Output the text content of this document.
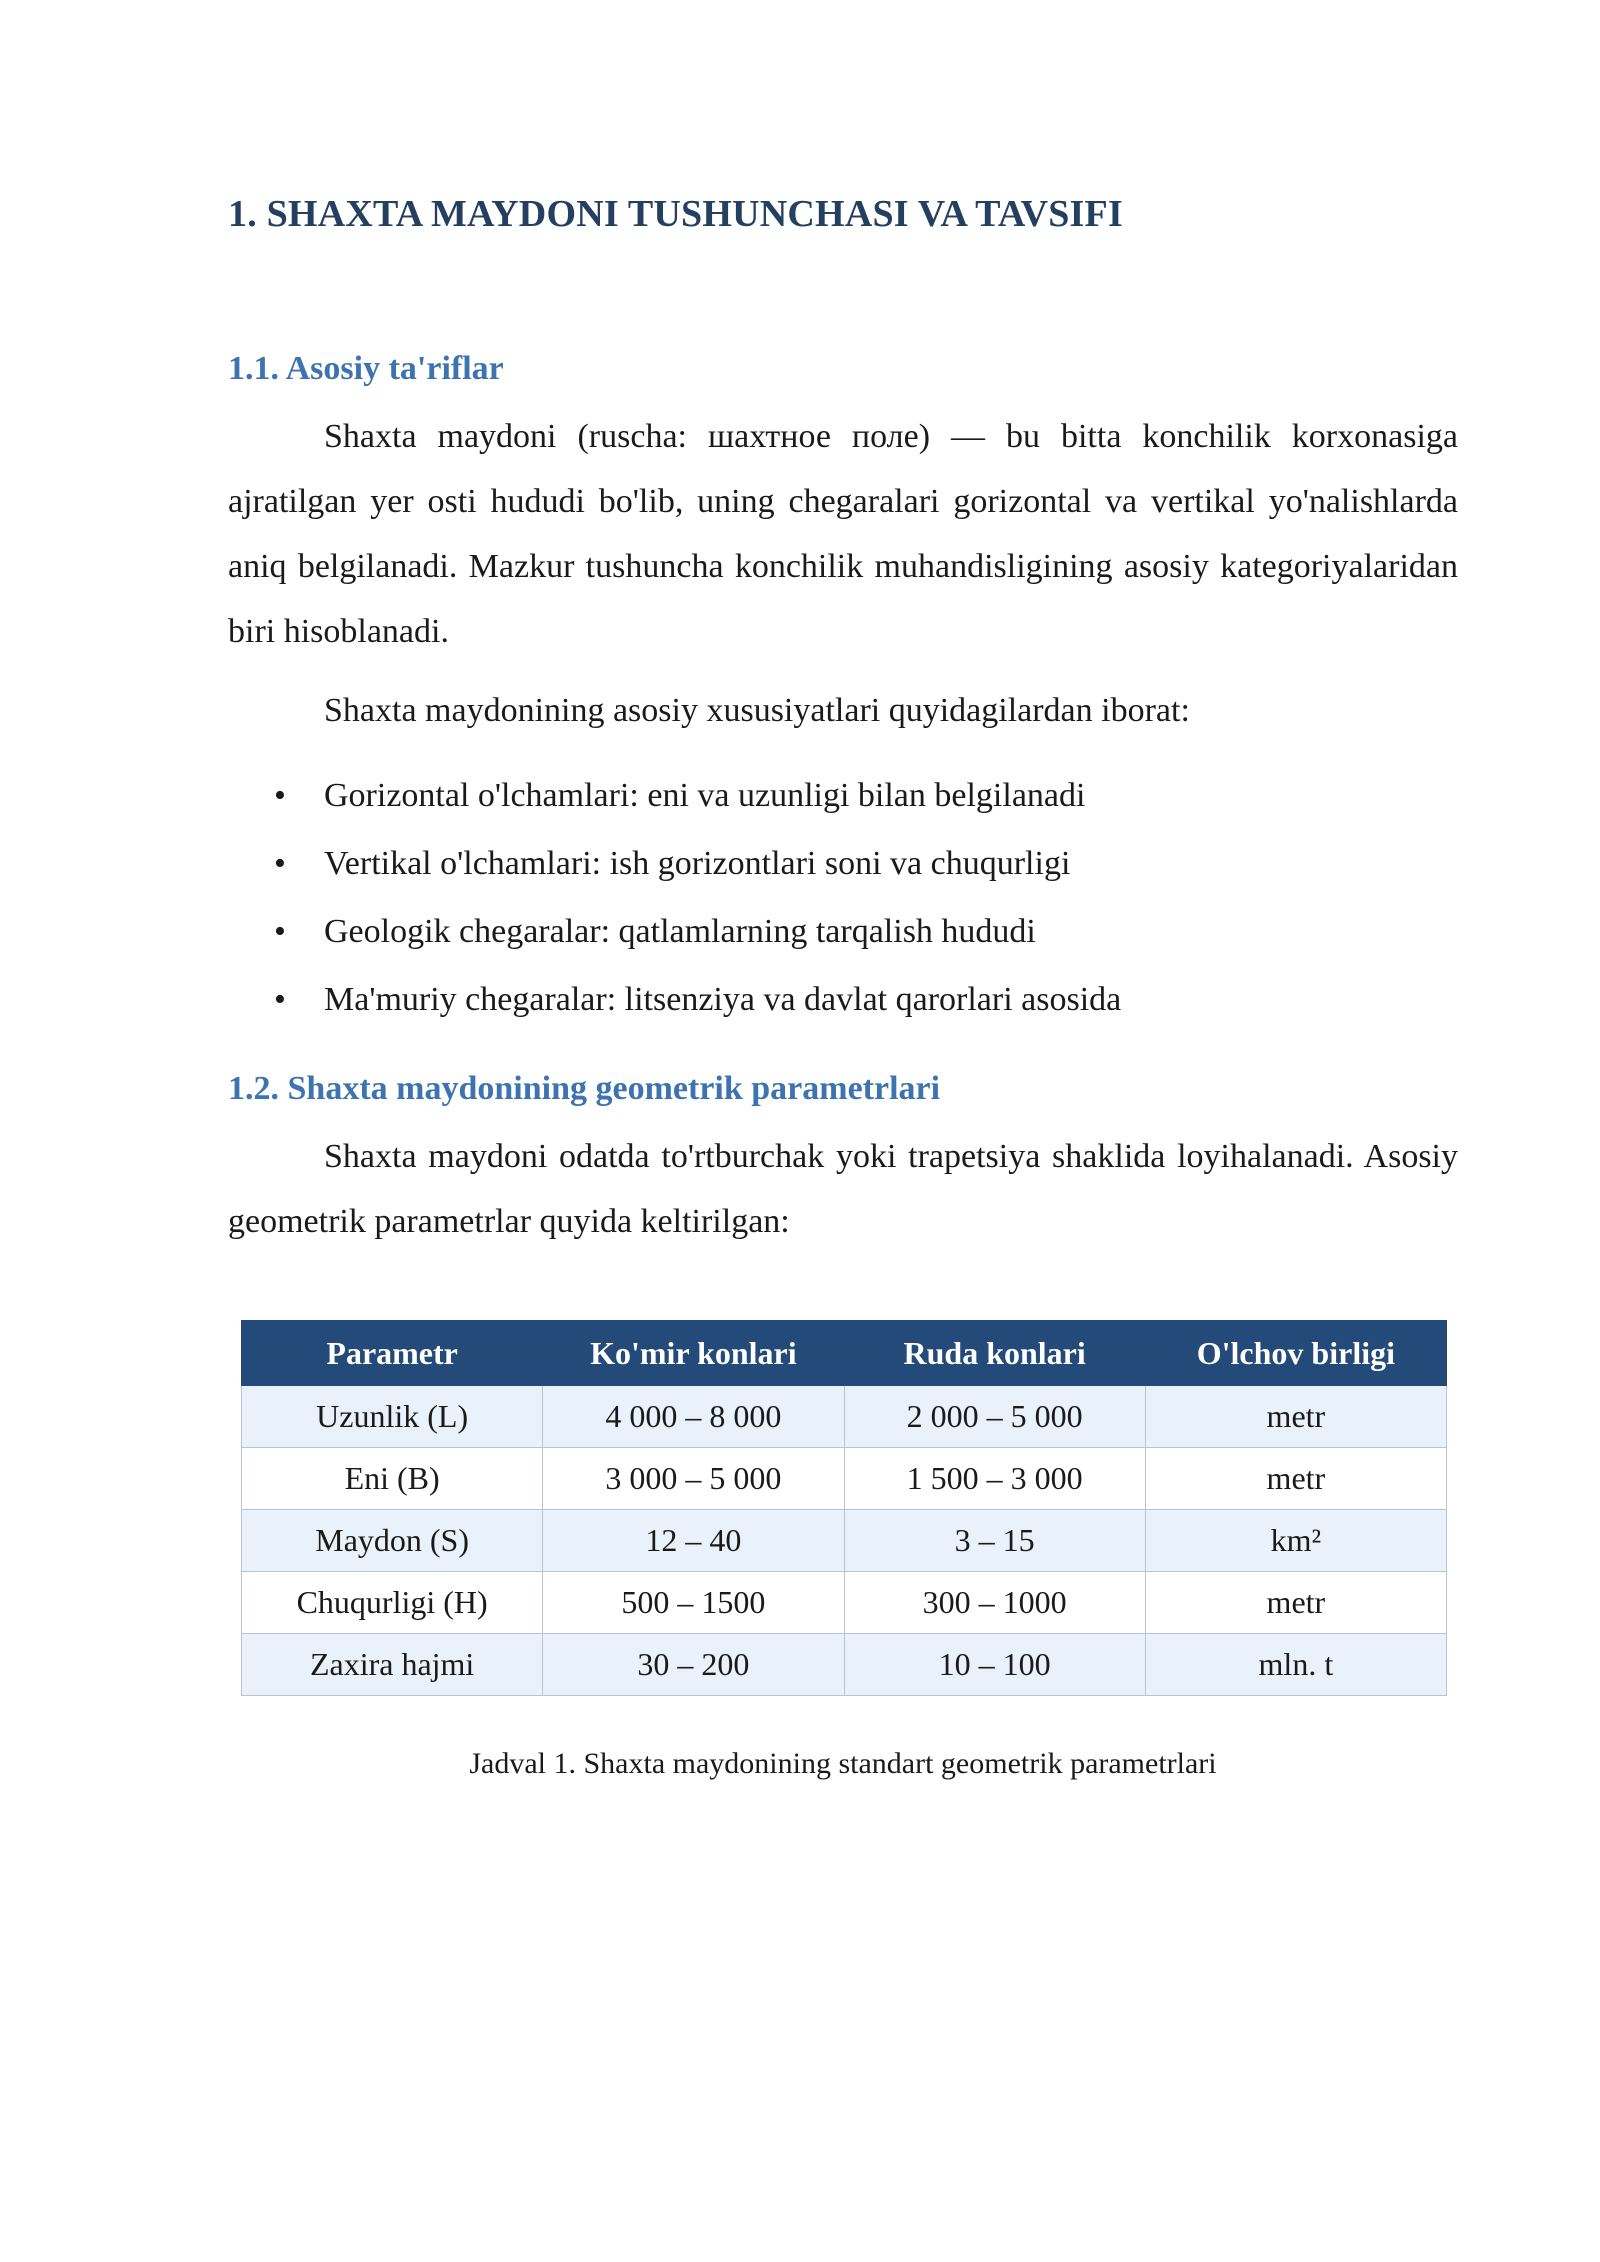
1. SHAXTA MAYDONI TUSHUNCHASI VA TAVSIFI
1.1. Asosiy ta'riflar

Shaxta maydoni (ruscha: шахтное поле) — bu bitta konchilik korxonasiga ajratilgan yer osti hududi bo'lib, uning chegaralari gorizontal va vertikal yo'nalishlarda aniq belgilanadi. Mazkur tushuncha konchilik muhandisligining asosiy kategoriyalaridan biri hisoblanadi.

Shaxta maydonining asosiy xususiyatlari quyidagilardan iborat:

• Gorizontal o'lchamlari: eni va uzunligi bilan belgilanadi
• Vertikal o'lchamlari: ish gorizontlari soni va chuqurligi
• Geologik chegaralar: qatlamlarning tarqalish hududi
• Ma'muriy chegaralar: litsenziya va davlat qarorlari asosida
1.2. Shaxta maydonining geometrik parametrlari

Shaxta maydoni odatda to'rtburchak yoki trapetsiya shaklida loyihalanadi. Asosiy geometrik parametrlar quyida keltirilgan:

Parametr	Ko'mir konlari	Ruda konlari	O'lchov birligi
Uzunlik (L)	4 000 – 8 000	2 000 – 5 000	metr
Eni (B)	3 000 – 5 000	1 500 – 3 000	metr
Maydon (S)	12 – 40	3 – 15	km²
Chuqurligi (H)	500 – 1500	300 – 1000	metr
Zaxira hajmi	30 – 200	10 – 100	mln. t
Jadval 1. Shaxta maydonining standart geometrik parametrlari
